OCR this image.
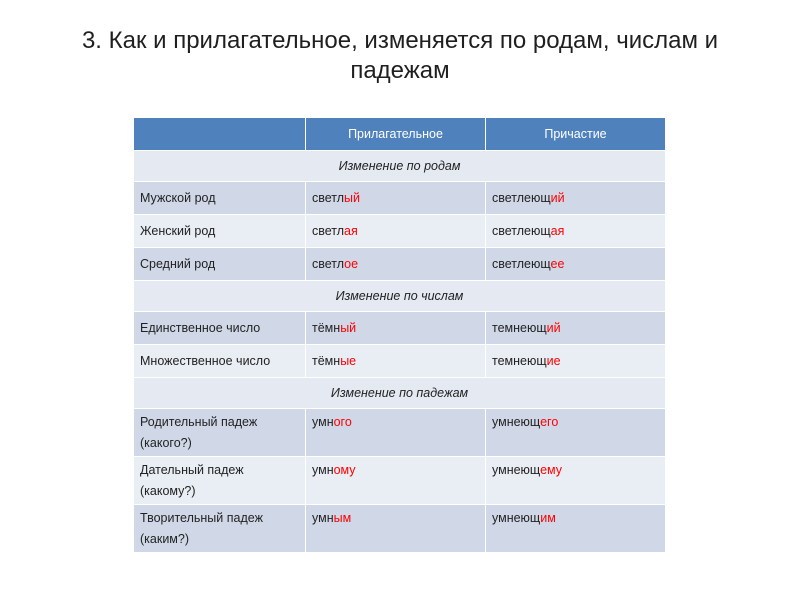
3. Как и прилагательное, изменяется по родам, числам и падежам
	Прилагательное	Причастие
Изменение по родам		
Мужской род	светлый	светлеющий
Женский род	светлая	светлеющая
Средний род	светлое	светлеющее
Изменение по числам		
Единственное число	тёмный	темнеющий
Множественное число	тёмные	темнеющие
Изменение по падежам		
Родительный падеж (какого?)	умного	умнеющего
Дательный падеж (какому?)	умному	умнеющему
Творительный падеж (каким?)	умным	умнеющим
